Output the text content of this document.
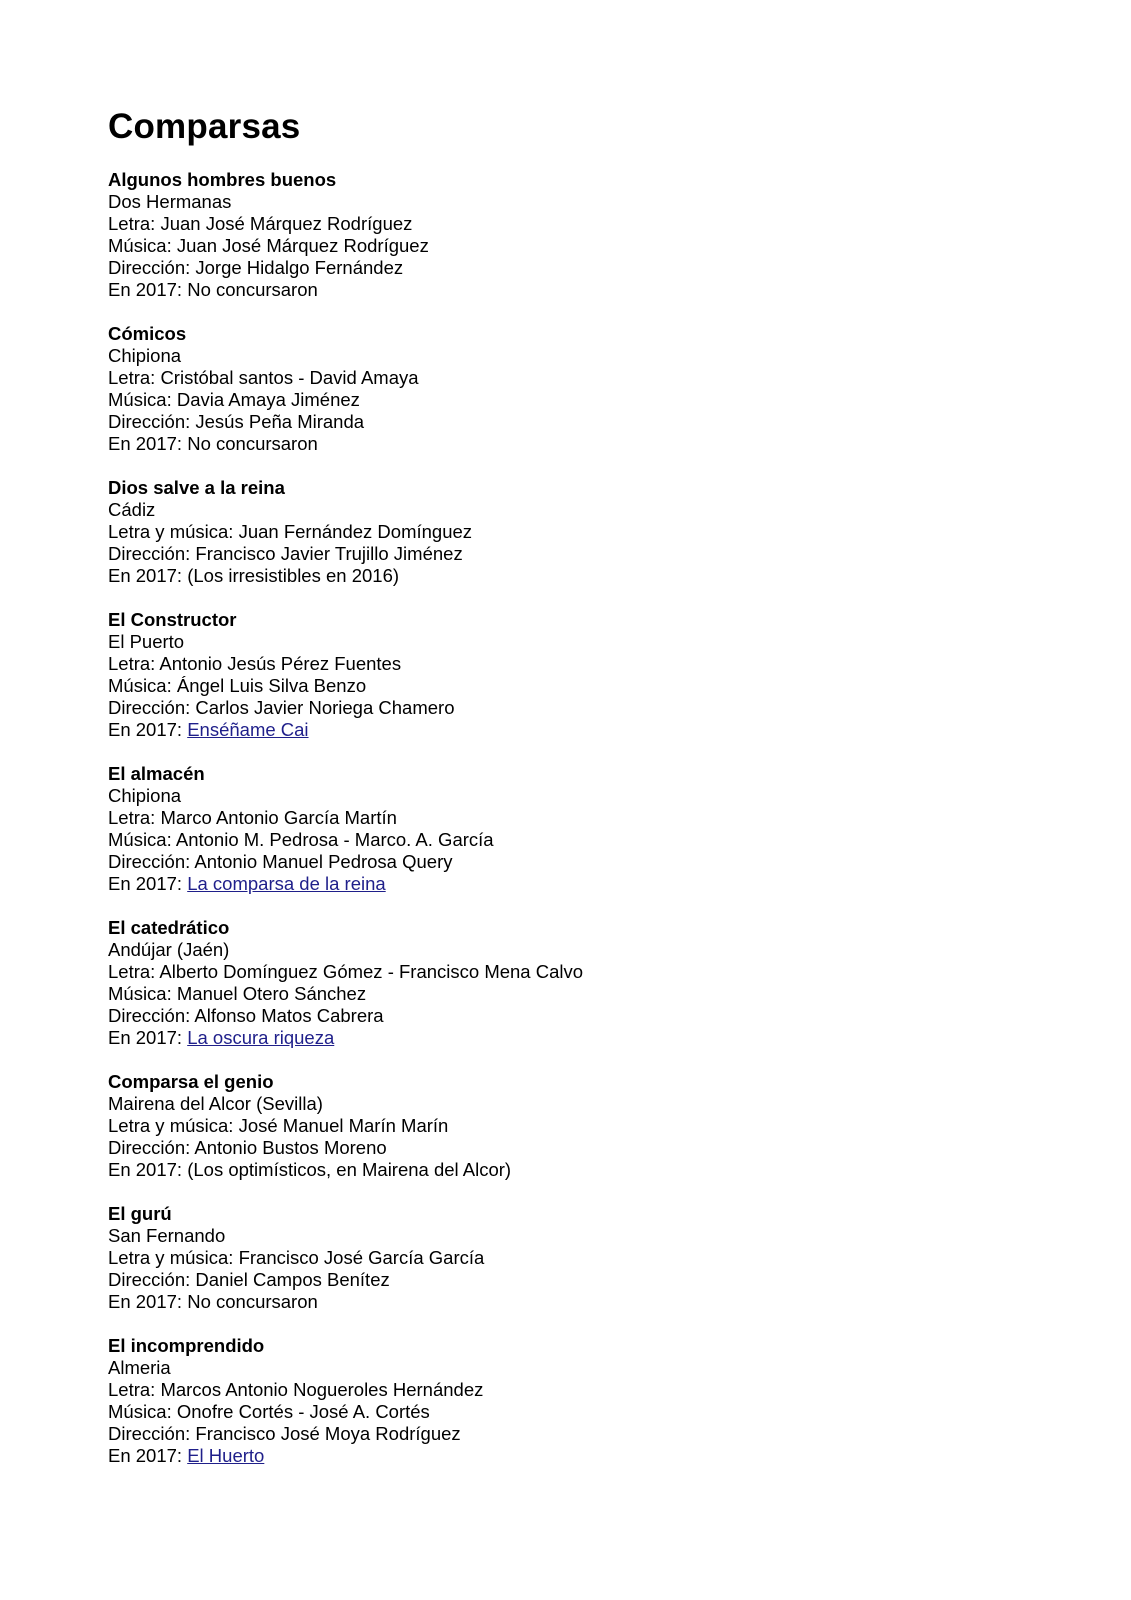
Comparsas
Algunos hombres buenos
Dos Hermanas
Letra: Juan José Márquez Rodríguez
Música: Juan José Márquez Rodríguez
Dirección: Jorge Hidalgo Fernández
En 2017: No concursaron
Cómicos
Chipiona
Letra: Cristóbal santos - David Amaya
Música: Davia Amaya Jiménez
Dirección: Jesús Peña Miranda
En 2017: No concursaron
Dios salve a la reina
Cádiz
Letra y música: Juan Fernández Domínguez
Dirección: Francisco Javier Trujillo Jiménez
En 2017: (Los irresistibles en 2016)
El Constructor
El Puerto
Letra: Antonio Jesús Pérez Fuentes
Música: Ángel Luis Silva Benzo
Dirección: Carlos Javier Noriega Chamero
En 2017: Enséñame Cai
El almacén
Chipiona
Letra: Marco Antonio García Martín
Música: Antonio M. Pedrosa - Marco. A. García
Dirección: Antonio Manuel Pedrosa Query
En 2017: La comparsa de la reina
El catedrático
Andújar (Jaén)
Letra: Alberto Domínguez Gómez - Francisco Mena Calvo
Música: Manuel Otero Sánchez
Dirección: Alfonso Matos Cabrera
En 2017: La oscura riqueza
Comparsa el genio
Mairena del Alcor (Sevilla)
Letra y música: José Manuel Marín Marín
Dirección: Antonio Bustos Moreno
En 2017: (Los optimísticos, en Mairena del Alcor)
El gurú
San Fernando
Letra y música: Francisco José García García
Dirección: Daniel Campos Benítez
En 2017: No concursaron
El incomprendido
Almeria
Letra: Marcos Antonio Nogueroles Hernández
Música: Onofre Cortés - José A. Cortés
Dirección: Francisco José Moya Rodríguez
En 2017: El Huerto
